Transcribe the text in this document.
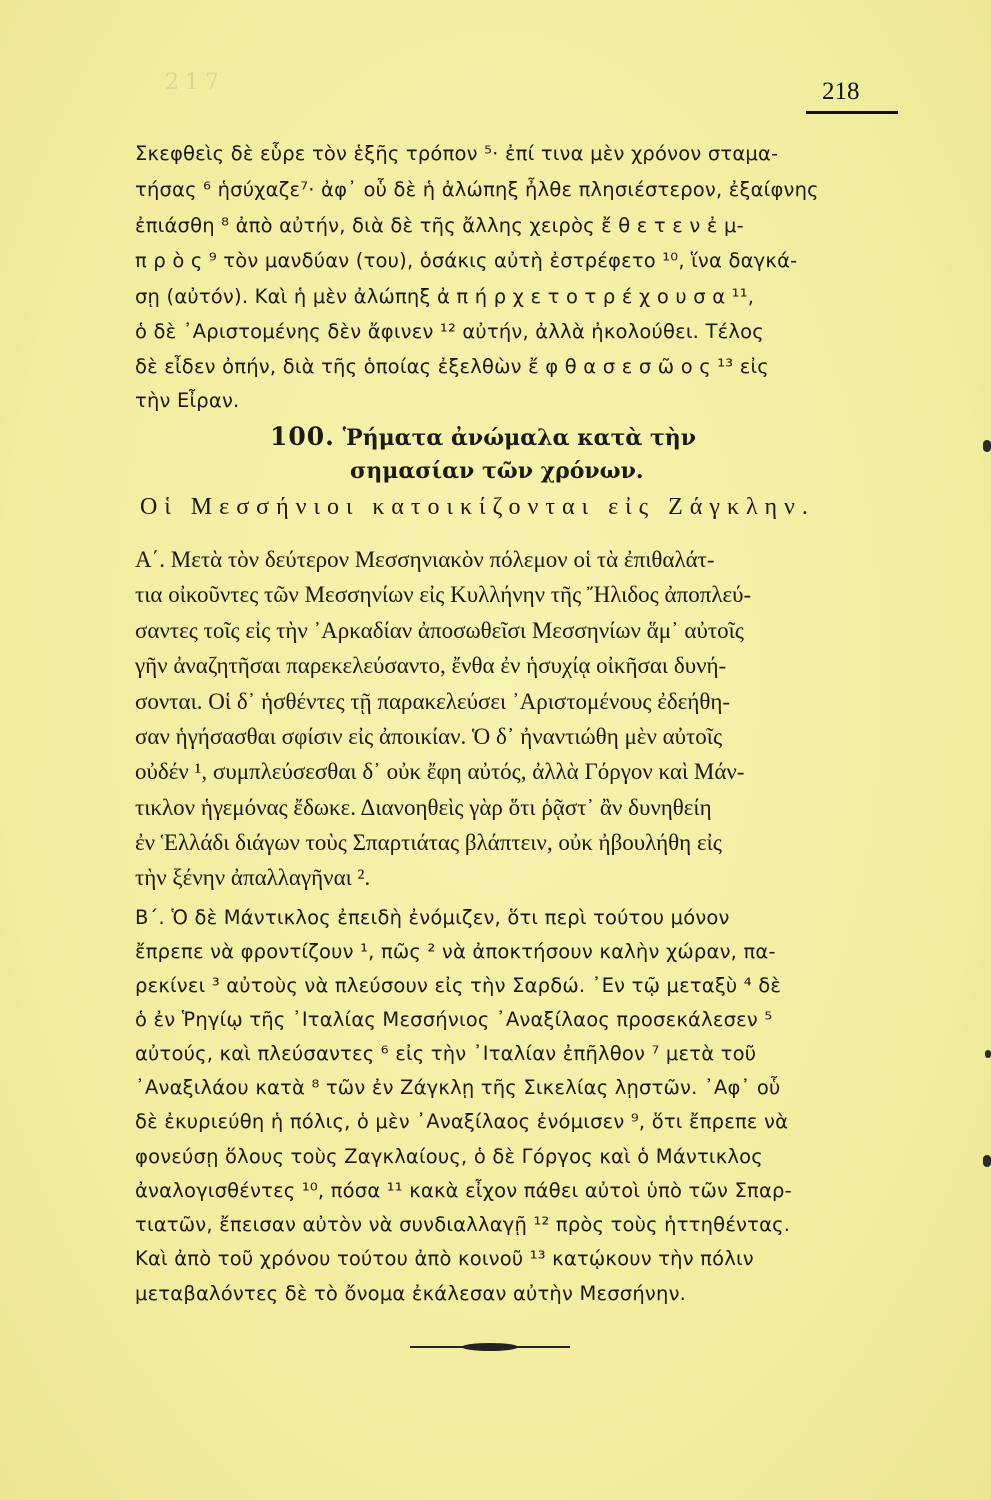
217	218
Σκεφθεὶς δὲ εὗρε τὸν ἑξῆς τρόπον ⁵· ἐπί τινα μὲν χρόνον σταμα-
τήσας ⁶ ἡσύχαζε⁷· ἀφ᾽ οὗ δὲ ἡ ἀλώπηξ ἦλθε πλησιέστερον, ἐξαίφνης
ἐπιάσθη ⁸ ἀπὸ αὐτήν, διὰ δὲ τῆς ἄλλης χειρὸς ἔ θ ε τ ε ν ἐ μ-
π ρ ὸ ς ⁹ τὸν μανδύαν (του), ὁσάκις αὐτὴ ἐστρέφετο ¹⁰, ἵνα δαγκά-
σῃ (αὐτόν). Καὶ ἡ μὲν ἀλώπηξ ἀ π ή ρ χ ε τ ο τ ρ έ χ ο υ σ α ¹¹,
ὁ δὲ ᾿Αριστομένης δὲν ἄφινεν ¹² αὐτήν, ἀλλὰ ἠκολούθει. Τέλος
δὲ εἶδεν ὀπήν, διὰ τῆς ὁποίας ἐξελθὼν ἔ φ θ α σ ε σ ῶ ο ς ¹³ εἰς
τὴν Εἶραν.
100. Ῥήματα ἀνώμαλα κατὰ τὴν
σημασίαν τῶν χρόνων.
Οἱ Μεσσήνιοι κατοικίζονται εἰς Ζάγκλην.
Α΄. Μετὰ τὸν δεύτερον Μεσσηνιακὸν πόλεμον οἱ τὰ ἐπιθαλάτ-
τια οἰκοῦντες τῶν Μεσσηνίων εἰς Κυλλήνην τῆς Ἤλιδος ἀποπλεύ-
σαντες τοῖς εἰς τὴν ᾿Αρκαδίαν ἀποσωθεῖσι Μεσσηνίων ἅμ᾽ αὐτοῖς
γῆν ἀναζητῆσαι παρεκελεύσαντο, ἔνθα ἐν ἡσυχίᾳ οἰκῆσαι δυνή-
σονται. Οἱ δ᾽ ἡσθέντες τῇ παρακελεύσει ᾿Αριστομένους ἐδεήθη-
σαν ἡγήσασθαι σφίσιν εἰς ἀποικίαν. Ὁ δ᾽ ἠναντιώθη μὲν αὐτοῖς
οὐδέν ¹, συμπλεύσεσθαι δ᾽ οὐκ ἔφη αὐτός, ἀλλὰ Γόργον καὶ Μάν-
τικλον ἡγεμόνας ἔδωκε. Διανοηθεὶς γὰρ ὅτι ῥᾷστ᾽ ἂν δυνηθείη
ἐν Ἑλλάδι διάγων τοὺς Σπαρτιάτας βλάπτειν, οὐκ ἠβουλήθη εἰς
τὴν ξένην ἀπαλλαγῆναι ².
Β΄. Ὁ δὲ Μάντικλος ἐπειδὴ ἐνόμιζεν, ὅτι περὶ τούτου μόνον
ἔπρεπε νὰ φροντίζουν ¹, πῶς ² νὰ ἀποκτήσουν καλὴν χώραν, πα-
ρεκίνει ³ αὐτοὺς νὰ πλεύσουν εἰς τὴν Σαρδώ. ᾿Εν τῷ μεταξὺ ⁴ δὲ
ὁ ἐν Ῥηγίῳ τῆς ᾿Ιταλίας Μεσσήνιος ᾿Αναξίλαος προσεκάλεσεν ⁵
αὐτούς, καὶ πλεύσαντες ⁶ εἰς τὴν ᾿Ιταλίαν ἐπῆλθον ⁷ μετὰ τοῦ
᾿Αναξιλάου κατὰ ⁸ τῶν ἐν Ζάγκλῃ τῆς Σικελίας λῃστῶν. ᾿Αφ᾽ οὗ
δὲ ἐκυριεύθη ἡ πόλις, ὁ μὲν ᾿Αναξίλαος ἐνόμισεν ⁹, ὅτι ἔπρεπε νὰ
φονεύσῃ ὅλους τοὺς Ζαγκλαίους, ὁ δὲ Γόργος καὶ ὁ Μάντικλος
ἀναλογισθέντες ¹⁰, πόσα ¹¹ κακὰ εἶχον πάθει αὐτοὶ ὑπὸ τῶν Σπαρ-
τιατῶν, ἔπεισαν αὐτὸν νὰ συνδιαλλαγῇ ¹² πρὸς τοὺς ἡττηθέντας.
Καὶ ἀπὸ τοῦ χρόνου τούτου ἀπὸ κοινοῦ ¹³ κατῴκουν τὴν πόλιν
μεταβαλόντες δὲ τὸ ὄνομα ἐκάλεσαν αὐτὴν Μεσσήνην.
